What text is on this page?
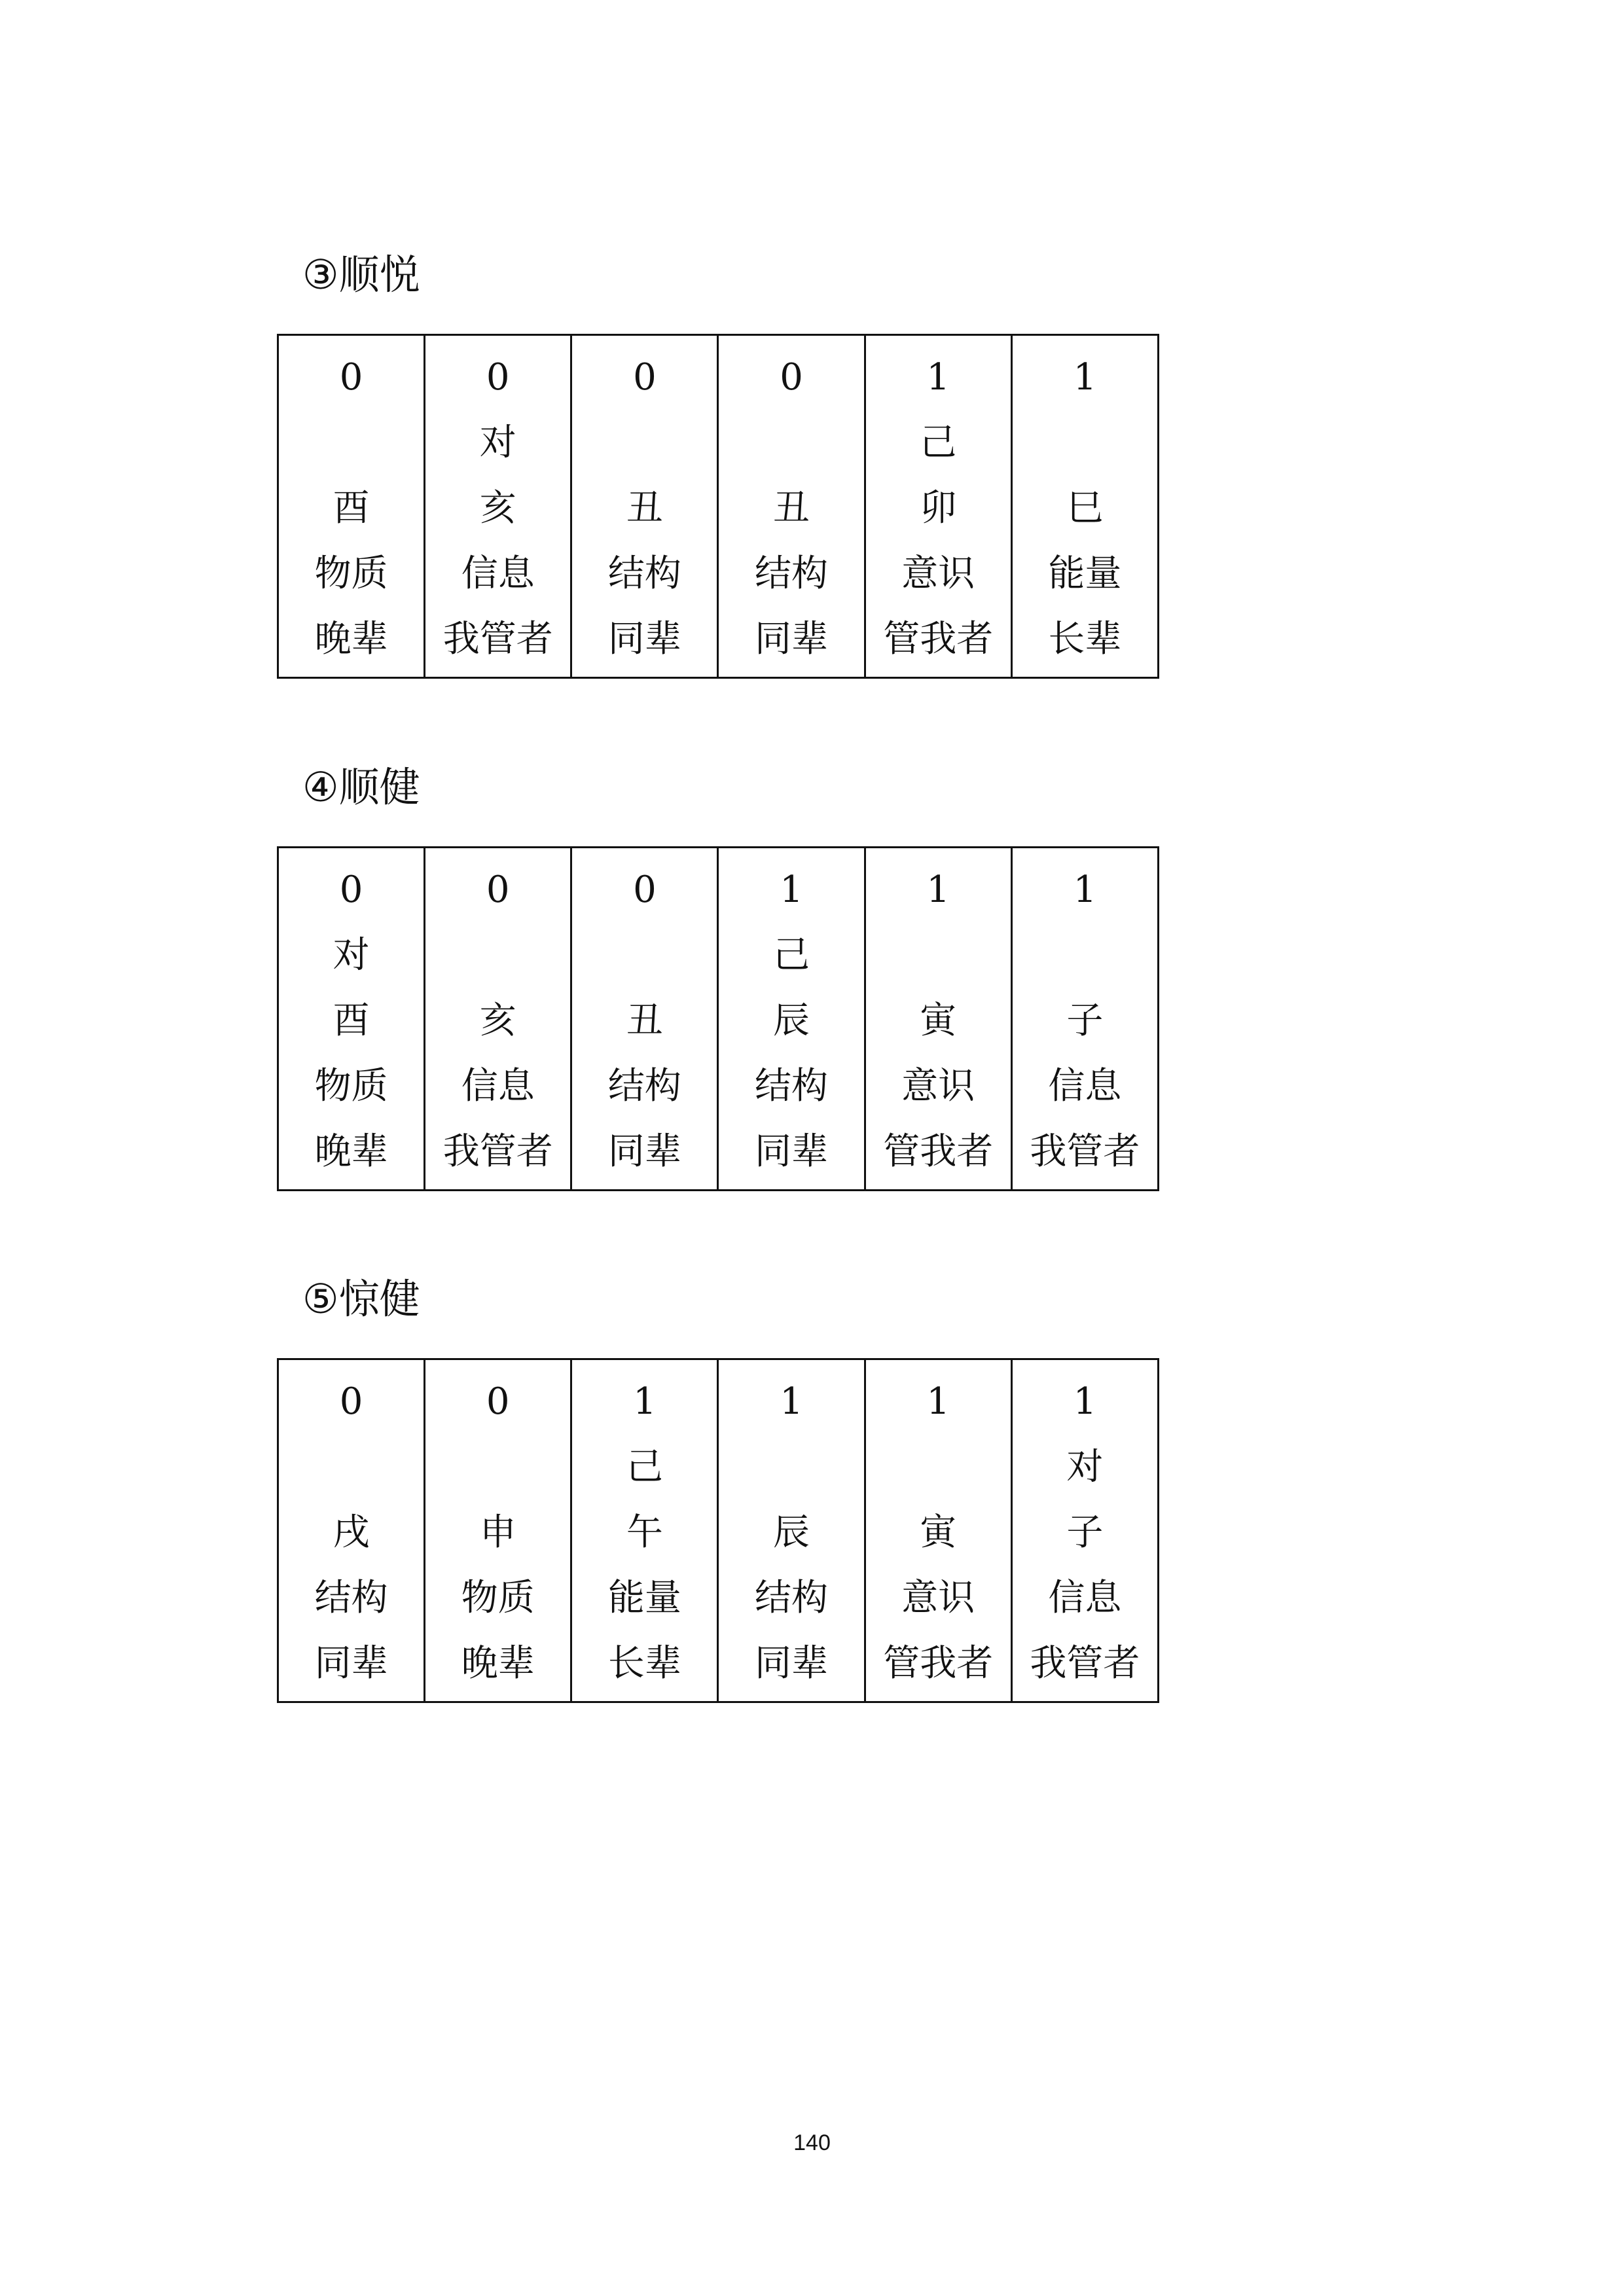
③顺悦
0
酉
物质
晚辈

0
对
亥
信息
我管者

0
丑
结构
同辈

0
丑
结构
同辈

1
己
卯
意识
管我者

1
巳
能量
长辈
④顺健
0
对
酉
物质
晚辈

0
亥
信息
我管者

0
丑
结构
同辈

1
己
辰
结构
同辈

1
寅
意识
管我者

1
子
信息
我管者
⑤惊健
0
戌
结构
同辈

0
申
物质
晚辈

1
己
午
能量
长辈

1
辰
结构
同辈

1
寅
意识
管我者

1
对
子
信息
我管者
140
